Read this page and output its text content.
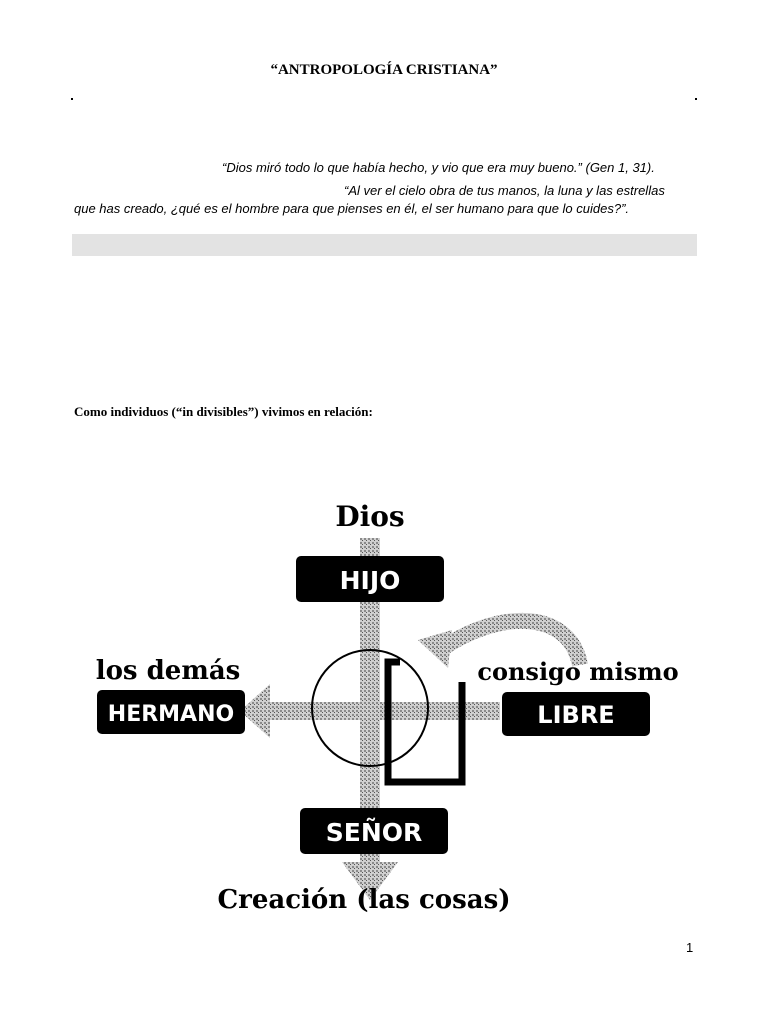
“ANTROPOLOGÍA CRISTIANA”
“Dios miró todo lo que había hecho, y vio que era muy bueno.” (Gen 1, 31).
“Al ver el cielo obra de tus manos, la luna y las estrellas
que has creado, ¿qué es el hombre para que pienses en él, el ser humano para que lo cuides?”.
Como individuos (“in divisibles”) vivimos en relación:
Dios
HIJO
los demás
HERMANO
consigo mismo
LIBRE
SEÑOR
Creación (las cosas)
1
